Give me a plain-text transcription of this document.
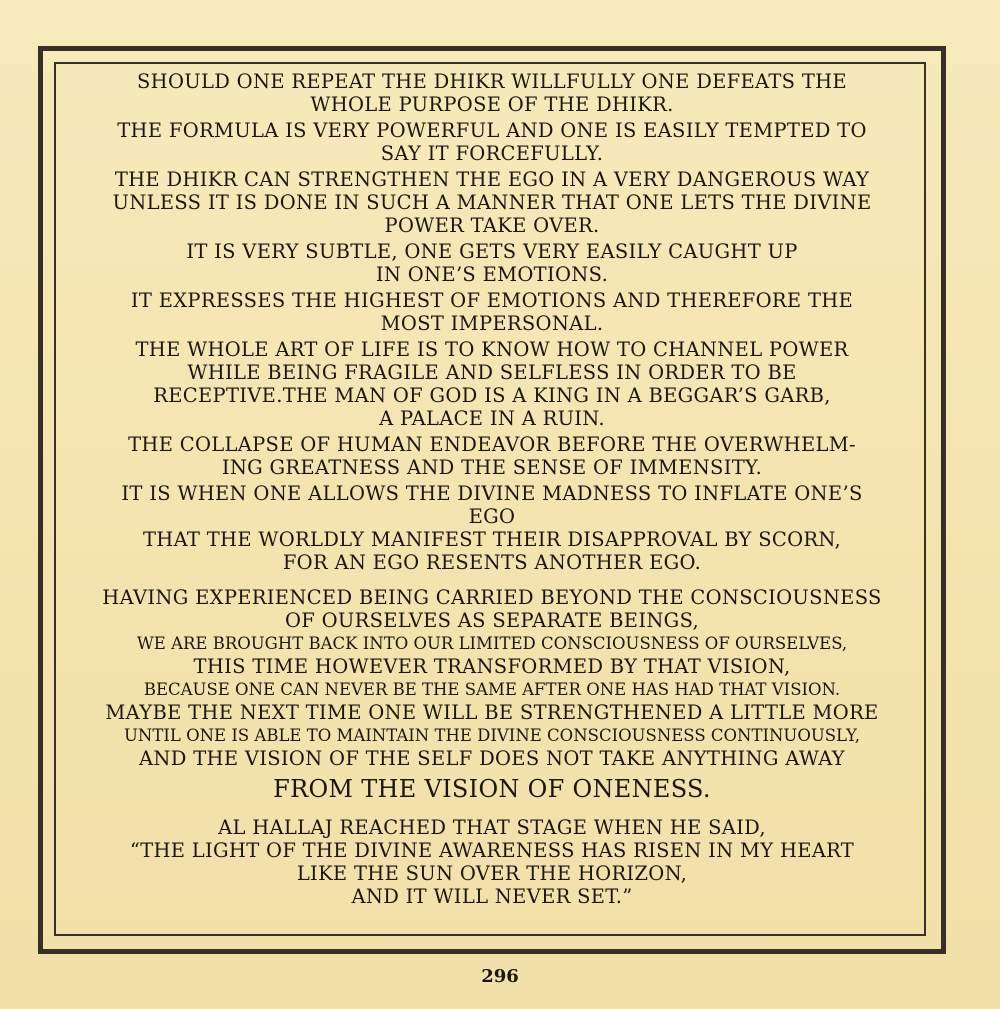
SHOULD ONE REPEAT THE DHIKR WILLFULLY ONE DEFEATS THE
WHOLE PURPOSE OF THE DHIKR.
THE FORMULA IS VERY POWERFUL AND ONE IS EASILY TEMPTED TO
SAY IT FORCEFULLY.
THE DHIKR CAN STRENGTHEN THE EGO IN A VERY DANGEROUS WAY
UNLESS IT IS DONE IN SUCH A MANNER THAT ONE LETS THE DIVINE
POWER TAKE OVER.
IT IS VERY SUBTLE, ONE GETS VERY EASILY CAUGHT UP
IN ONE’S EMOTIONS.
IT EXPRESSES THE HIGHEST OF EMOTIONS AND THEREFORE THE
MOST IMPERSONAL.
THE WHOLE ART OF LIFE IS TO KNOW HOW TO CHANNEL POWER
WHILE BEING FRAGILE AND SELFLESS IN ORDER TO BE
RECEPTIVE.THE MAN OF GOD IS A KING IN A BEGGAR’S GARB,
A PALACE IN A RUIN.
THE COLLAPSE OF HUMAN ENDEAVOR BEFORE THE OVERWHELM-
ING GREATNESS AND THE SENSE OF IMMENSITY.
IT IS WHEN ONE ALLOWS THE DIVINE MADNESS TO INFLATE ONE’S
EGO
THAT THE WORLDLY MANIFEST THEIR DISAPPROVAL BY SCORN,
FOR AN EGO RESENTS ANOTHER EGO.
HAVING EXPERIENCED BEING CARRIED BEYOND THE CONSCIOUSNESS
OF OURSELVES AS SEPARATE BEINGS,
WE ARE BROUGHT BACK INTO OUR LIMITED CONSCIOUSNESS OF OURSELVES,
THIS TIME HOWEVER TRANSFORMED BY THAT VISION,
BECAUSE ONE CAN NEVER BE THE SAME AFTER ONE HAS HAD THAT VISION.
MAYBE THE NEXT TIME ONE WILL BE STRENGTHENED A LITTLE MORE
UNTIL ONE IS ABLE TO MAINTAIN THE DIVINE CONSCIOUSNESS CONTINUOUSLY,
AND THE VISION OF THE SELF DOES NOT TAKE ANYTHING AWAY
FROM THE VISION OF ONENESS.
AL HALLAJ REACHED THAT STAGE WHEN HE SAID,
“THE LIGHT OF THE DIVINE AWARENESS HAS RISEN IN MY HEART
LIKE THE SUN OVER THE HORIZON,
AND IT WILL NEVER SET.”
296
